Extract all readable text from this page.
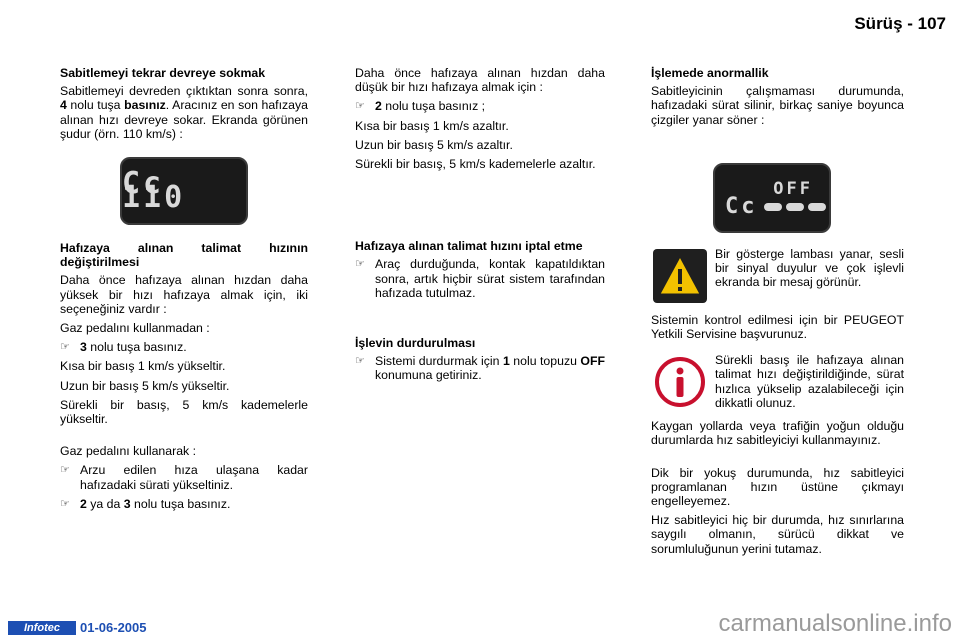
Sürüş - 107

Sabitlemeyi tekrar devreye sokmak

Sabitlemeyi devreden çıktıktan sonra sonra, 4 nolu tuşa basınız. Aracınız en son hafızaya alınan hızı devreye sokar. Ekranda görünen şudur (örn. 110 km/s) :

Cc 110

Hafızaya alınan talimat hızının değiştirilmesi

Daha önce hafızaya alınan hızdan daha yüksek bir hızı hafızaya almak için, iki seçeneğiniz vardır :

Gaz pedalını kullanmadan :

☞ 3 nolu tuşa basınız.

Kısa bir basış 1 km/s yükseltir.

Uzun bir basış 5 km/s yükseltir.

Sürekli bir basış, 5 km/s kademelerle yükseltir.

Gaz pedalını kullanarak :

☞ Arzu edilen hıza ulaşana kadar hafızadaki sürati yükseltiniz.
☞ 2 ya da 3 nolu tuşa basınız.

Daha önce hafızaya alınan hızdan daha düşük bir hızı hafızaya almak için :

☞ 2 nolu tuşa basınız ;

Kısa bir basış 1 km/s azaltır.

Uzun bir basış 5 km/s azaltır.

Sürekli bir basış, 5 km/s kademelerle azaltır.

Hafızaya alınan talimat hızını iptal etme

☞ Araç durduğunda, kontak kapatıldıktan sonra, artık hiçbir sürat sistem tarafından hafızada tutulmaz.

İşlevin durdurulması

☞ Sistemi durdurmak için 1 nolu topuzu OFF konumuna getiriniz.

İşlemede anormallik

Sabitleyicinin çalışmaması durumunda, hafızadaki sürat silinir, birkaç saniye boyunca çizgiler yanar söner :

OFF
Cc
Bir gösterge lambası yanar, sesli bir sinyal duyulur ve çok işlevli ekranda bir mesaj görünür.

Sistemin kontrol edilmesi için bir PEUGEOT Yetkili Servisine başvurunuz.

Sürekli basış ile hafızaya alınan talimat hızı değiştirildiğinde, sürat hızlıca yükselip azalabileceği için dikkatli olunuz.

Kaygan yollarda veya trafiğin yoğun olduğu durumlarda hız sabitleyiciyi kullanmayınız.

Dik bir yokuş durumunda, hız sabitleyici programlanan hızın üstüne çıkmayı engelleyemez.

Hız sabitleyici hiç bir durumda, hız sınırlarına saygılı olmanın, sürücü dikkat ve sorumluluğunun yerini tutamaz.

Infotec	01-06-2005	carmanualsonline.info
